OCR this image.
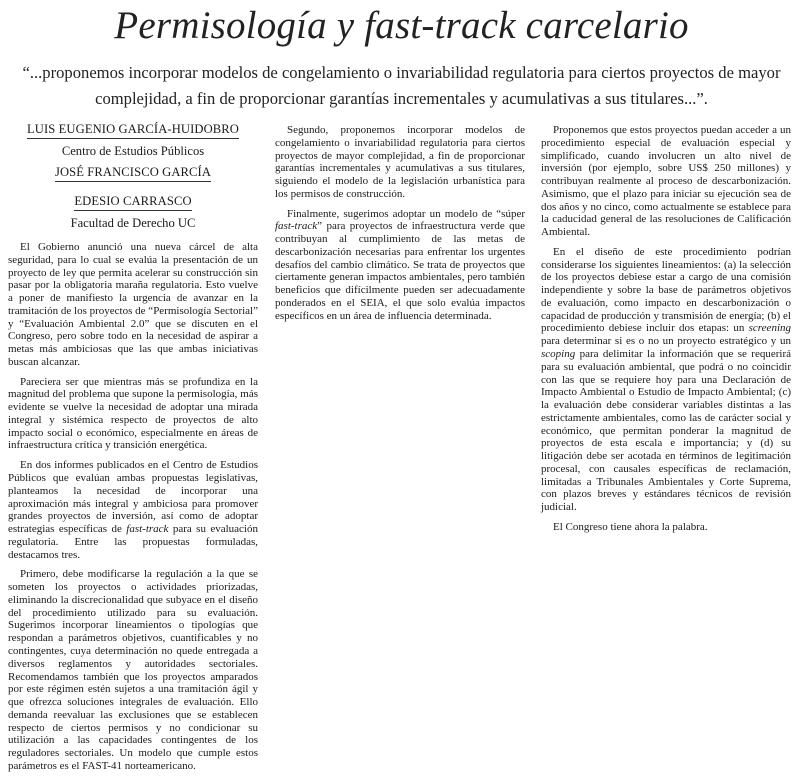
Permisología y fast-track carcelario
“...proponemos incorporar modelos de congelamiento o invariabilidad regulatoria para ciertos proyectos de mayor complejidad, a fin de proporcionar garantías incrementales y acumulativas a sus titulares...”.
LUIS EUGENIO GARCÍA-HUIDOBRO
Centro de Estudios Públicos
JOSÉ FRANCISCO GARCÍA
EDESIO CARRASCO
Facultad de Derecho UC

El Gobierno anunció una nueva cárcel de alta seguridad, para lo cual se evalúa la presentación de un proyecto de ley que permita acelerar su construcción sin pasar por la obligatoria maraña regulatoria. Esto vuelve a poner de manifiesto la urgencia de avanzar en la tramitación de los proyectos de “Permisología Sectorial” y “Evaluación Ambiental 2.0” que se discuten en el Congreso, pero sobre todo en la necesidad de aspirar a metas más ambiciosas que las que ambas iniciativas buscan alcanzar.

Pareciera ser que mientras más se profundiza en la magnitud del problema que supone la permisología, más evidente se vuelve la necesidad de adoptar una mirada integral y sistémica respecto de proyectos de alto impacto social o económico, especialmente en áreas de infraestructura crítica y transición energética.

En dos informes publicados en el Centro de Estudios Públicos que evalúan ambas propuestas legislativas, planteamos la necesidad de incorporar una aproximación más integral y ambiciosa para promover grandes proyectos de inversión, así como de adoptar estrategias específicas de fast-track para su evaluación regulatoria. Entre las propuestas formuladas, destacamos tres.

Primero, debe modificarse la regulación a la que se someten los proyectos o actividades priorizadas, eliminando la discrecionalidad que subyace en el diseño del procedimiento utilizado para su evaluación. Sugerimos incorporar lineamientos o tipologías que respondan a parámetros objetivos, cuantificables y no contingentes, cuya determinación no quede entregada a diversos reglamentos y autoridades sectoriales. Recomendamos también que los proyectos amparados por este régimen estén sujetos a una tramitación ágil y que ofrezca soluciones integrales de evaluación. Ello demanda reevaluar las exclusiones que se establecen respecto de ciertos permisos y no condicionar su utilización a las capacidades contingentes de los reguladores sectoriales. Un modelo que cumple estos parámetros es el FAST-41 norteamericano.

Segundo, proponemos incorporar modelos de congelamiento o invariabilidad regulatoria para ciertos proyectos de mayor complejidad, a fin de proporcionar garantías incrementales y acumulativas a sus titulares, siguiendo el modelo de la legislación urbanística para los permisos de construcción.

Finalmente, sugerimos adoptar un modelo de “súper fast-track” para proyectos de infraestructura verde que contribuyan al cumplimiento de las metas de descarbonización necesarias para enfrentar los urgentes desafíos del cambio climático. Se trata de proyectos que ciertamente generan impactos ambientales, pero también beneficios que difícilmente pueden ser adecuadamente ponderados en el SEIA, el que solo evalúa impactos específicos en un área de influencia determinada.

Proponemos que estos proyectos puedan acceder a un procedimiento especial de evaluación especial y simplificado, cuando involucren un alto nivel de inversión (por ejemplo, sobre US$ 250 millones) y contribuyan realmente al proceso de descarbonización. Asimismo, que el plazo para iniciar su ejecución sea de dos años y no cinco, como actualmente se establece para la caducidad general de las resoluciones de Calificación Ambiental.

En el diseño de este procedimiento podrían considerarse los siguientes lineamientos: (a) la selección de los proyectos debiese estar a cargo de una comisión independiente y sobre la base de parámetros objetivos de evaluación, como impacto en descarbonización o capacidad de producción y transmisión de energía; (b) el procedimiento debiese incluir dos etapas: un screening para determinar si es o no un proyecto estratégico y un scoping para delimitar la información que se requerirá para su evaluación ambiental, que podrá o no coincidir con las que se requiere hoy para una Declaración de Impacto Ambiental o Estudio de Impacto Ambiental; (c) la evaluación debe considerar variables distintas a las estrictamente ambientales, como las de carácter social y económico, que permitan ponderar la magnitud de proyectos de esta escala e importancia; y (d) su litigación debe ser acotada en términos de legitimación procesal, con causales específicas de reclamación, limitadas a Tribunales Ambientales y Corte Suprema, con plazos breves y estándares técnicos de revisión judicial.

El Congreso tiene ahora la palabra.
